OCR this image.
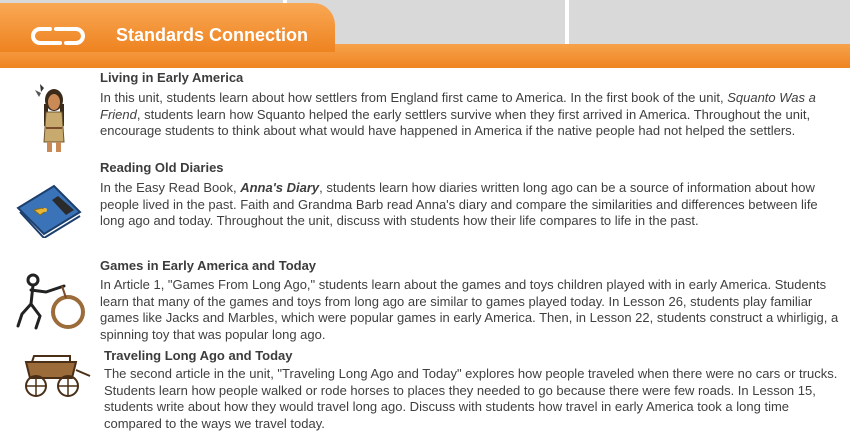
Standards Connection
Living in Early America
In this unit, students learn about how settlers from England first came to America. In the first book of the unit, Squanto Was a Friend, students learn how Squanto helped the early settlers survive when they first arrived in America. Throughout the unit, encourage students to think about what would have happened in America if the native people had not helped the settlers.
Reading Old Diaries
In the Easy Read Book, Anna's Diary, students learn how diaries written long ago can be a source of information about how people lived in the past. Faith and Grandma Barb read Anna's diary and compare the similarities and differences between life long ago and today. Throughout the unit, discuss with students how their life compares to life in the past.
Games in Early America and Today
In Article 1, "Games From Long Ago," students learn about the games and toys children played with in early America. Students learn that many of the games and toys from long ago are similar to games played today. In Lesson 26, students play familiar games like Jacks and Marbles, which were popular games in early America. Then, in Lesson 22, students construct a whirligig, a spinning toy that was popular long ago.
Traveling Long Ago and Today
The second article in the unit, "Traveling Long Ago and Today" explores how people traveled when there were no cars or trucks. Students learn how people walked or rode horses to places they needed to go because there were few roads. In Lesson 15, students write about how they would travel long ago. Discuss with students how travel in early America took a long time compared to the ways we travel today.
